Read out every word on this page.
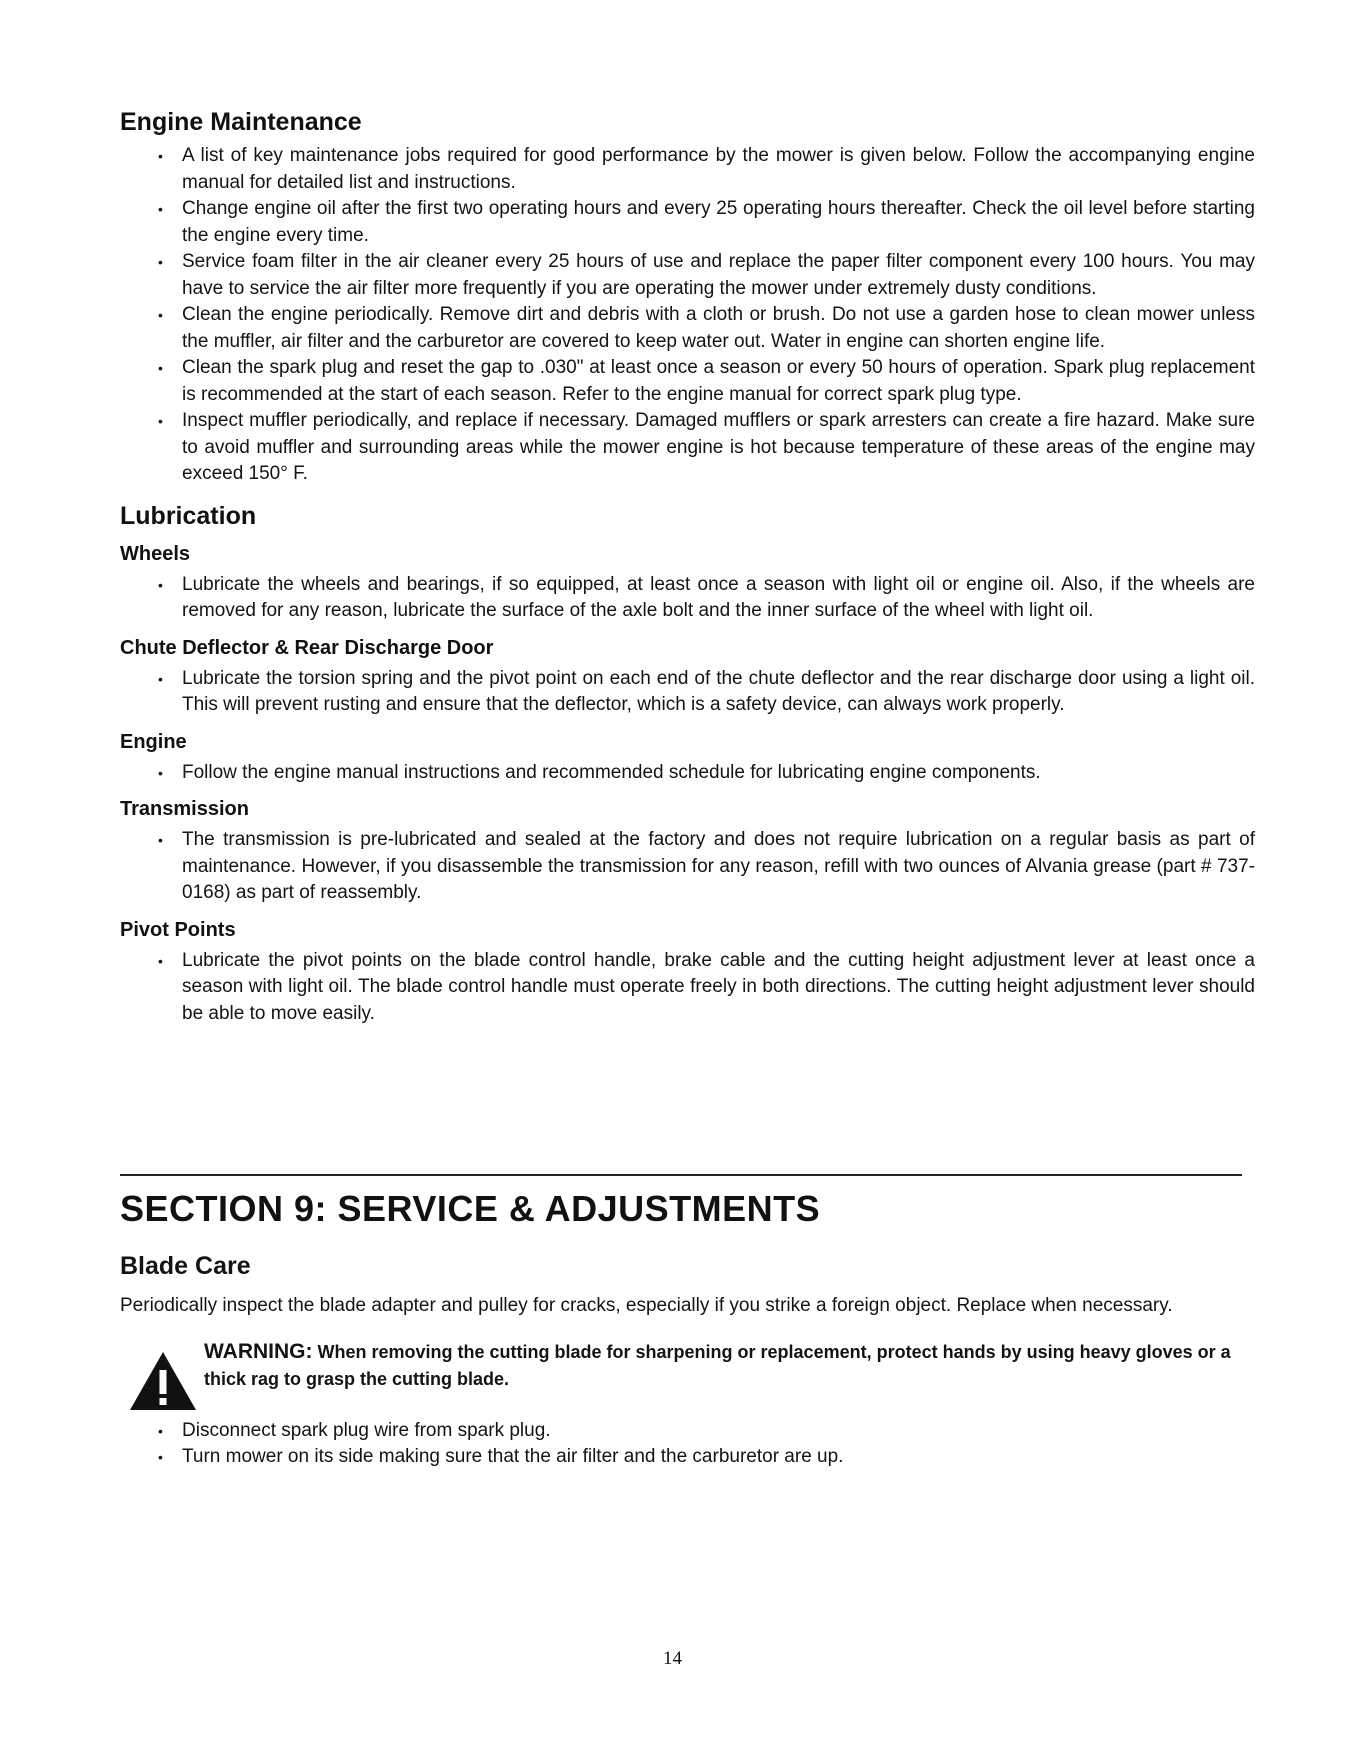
Engine Maintenance
• A list of key maintenance jobs required for good performance by the mower is given below. Follow the accompanying engine manual for detailed list and instructions.
• Change engine oil after the first two operating hours and every 25 operating hours thereafter. Check the oil level before starting the engine every time.
• Service foam filter in the air cleaner every 25 hours of use and replace the paper filter component every 100 hours. You may have to service the air filter more frequently if you are operating the mower under extremely dusty conditions.
• Clean the engine periodically. Remove dirt and debris with a cloth or brush. Do not use a garden hose to clean mower unless the muffler, air filter and the carburetor are covered to keep water out. Water in engine can shorten engine life.
• Clean the spark plug and reset the gap to .030" at least once a season or every 50 hours of operation. Spark plug replacement is recommended at the start of each season. Refer to the engine manual for correct spark plug type.
• Inspect muffler periodically, and replace if necessary. Damaged mufflers or spark arresters can create a fire hazard. Make sure to avoid muffler and surrounding areas while the mower engine is hot because temperature of these areas of the engine may exceed 150° F.
Lubrication
Wheels
• Lubricate the wheels and bearings, if so equipped, at least once a season with light oil or engine oil. Also, if the wheels are removed for any reason, lubricate the surface of the axle bolt and the inner surface of the wheel with light oil.
Chute Deflector & Rear Discharge Door
• Lubricate the torsion spring and the pivot point on each end of the chute deflector and the rear discharge door using a light oil. This will prevent rusting and ensure that the deflector, which is a safety device, can always work properly.
Engine
• Follow the engine manual instructions and recommended schedule for lubricating engine components.
Transmission
• The transmission is pre-lubricated and sealed at the factory and does not require lubrication on a regular basis as part of maintenance. However, if you disassemble the transmission for any reason, refill with two ounces of Alvania grease (part # 737-0168) as part of reassembly.
Pivot Points
• Lubricate the pivot points on the blade control handle, brake cable and the cutting height adjustment lever at least once a season with light oil. The blade control handle must operate freely in both directions. The cutting height adjustment lever should be able to move easily.
SECTION 9: SERVICE & ADJUSTMENTS
Blade Care

Periodically inspect the blade adapter and pulley for cracks, especially if you strike a foreign object. Replace when necessary.

WARNING: When removing the cutting blade for sharpening or replacement, protect hands by using heavy gloves or a thick rag to grasp the cutting blade.
• Disconnect spark plug wire from spark plug.
• Turn mower on its side making sure that the air filter and the carburetor are up.
14
